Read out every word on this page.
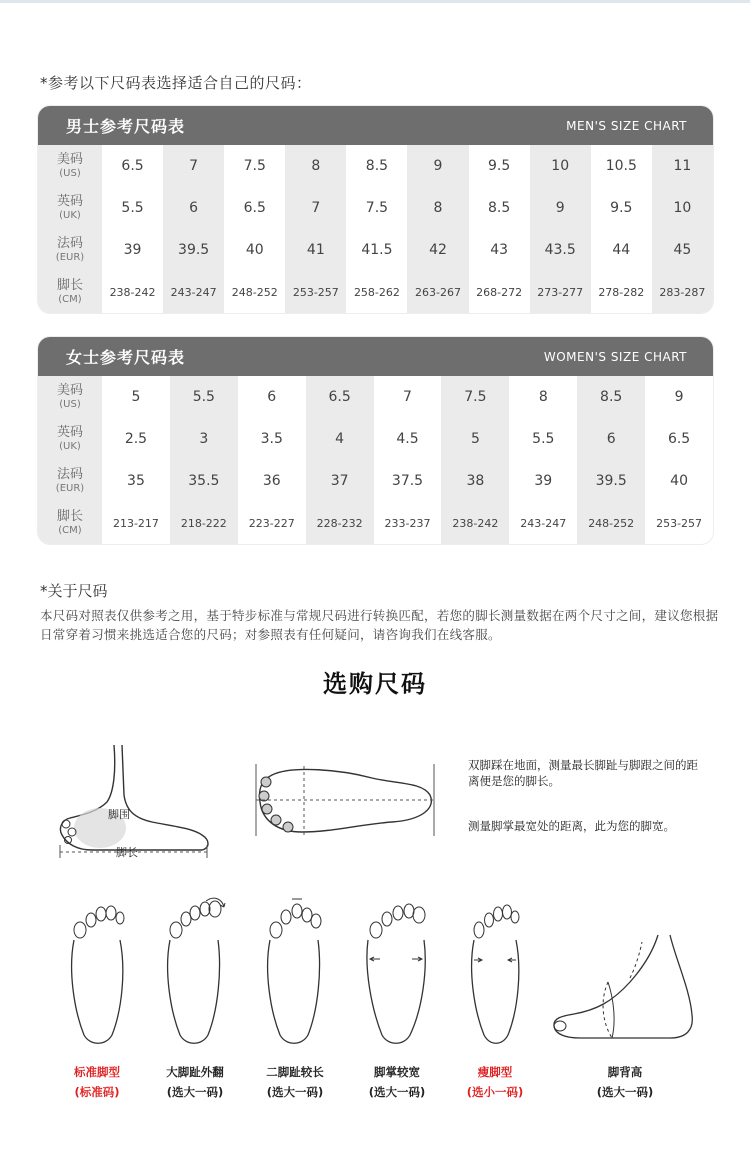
*参考以下尺码表选择适合自己的尺码：
男士参考尺码表	MEN'S SIZE CHART
美码
(US)	6.5	7	7.5	8	8.5	9	9.5	10	10.5	11
英码
(UK)	5.5	6	6.5	7	7.5	8	8.5	9	9.5	10
法码
(EUR)	39	39.5	40	41	41.5	42	43	43.5	44	45
脚长
(CM)
238-242	243-247	248-252	253-257	258-262	263-267	268-272	273-277	278-282	283-287
女士参考尺码表	WOMEN'S SIZE CHART
美码
(US)	5	5.5	6	6.5	7	7.5	8	8.5	9
英码
(UK)	2.5	3	3.5	4	4.5	5	5.5	6	6.5
法码
(EUR)	35	35.5	36	37	37.5	38	39	39.5	40
脚长
(CM)
213-217	218-222	223-227	228-232	233-237	238-242	243-247	248-252	253-257
*关于尺码
本尺码对照表仅供参考之用，基于特步标准与常规尺码进行转换匹配，若您的脚长测量数据在两个尺寸之间，建议您根据日常穿着习惯来挑选适合您的尺码；对参照表有任何疑问，请咨询我们在线客服。
选购尺码
脚围
脚长
双脚踩在地面，测量最长脚趾与脚跟之间的距离便是您的脚长。
测量脚掌最宽处的距离，此为您的脚宽。
标准脚型
(标准码)
大脚趾外翻
(选大一码)
二脚趾较长
(选大一码)
脚掌较宽
(选大一码)
瘦脚型
(选小一码)
脚背高
(选大一码)
